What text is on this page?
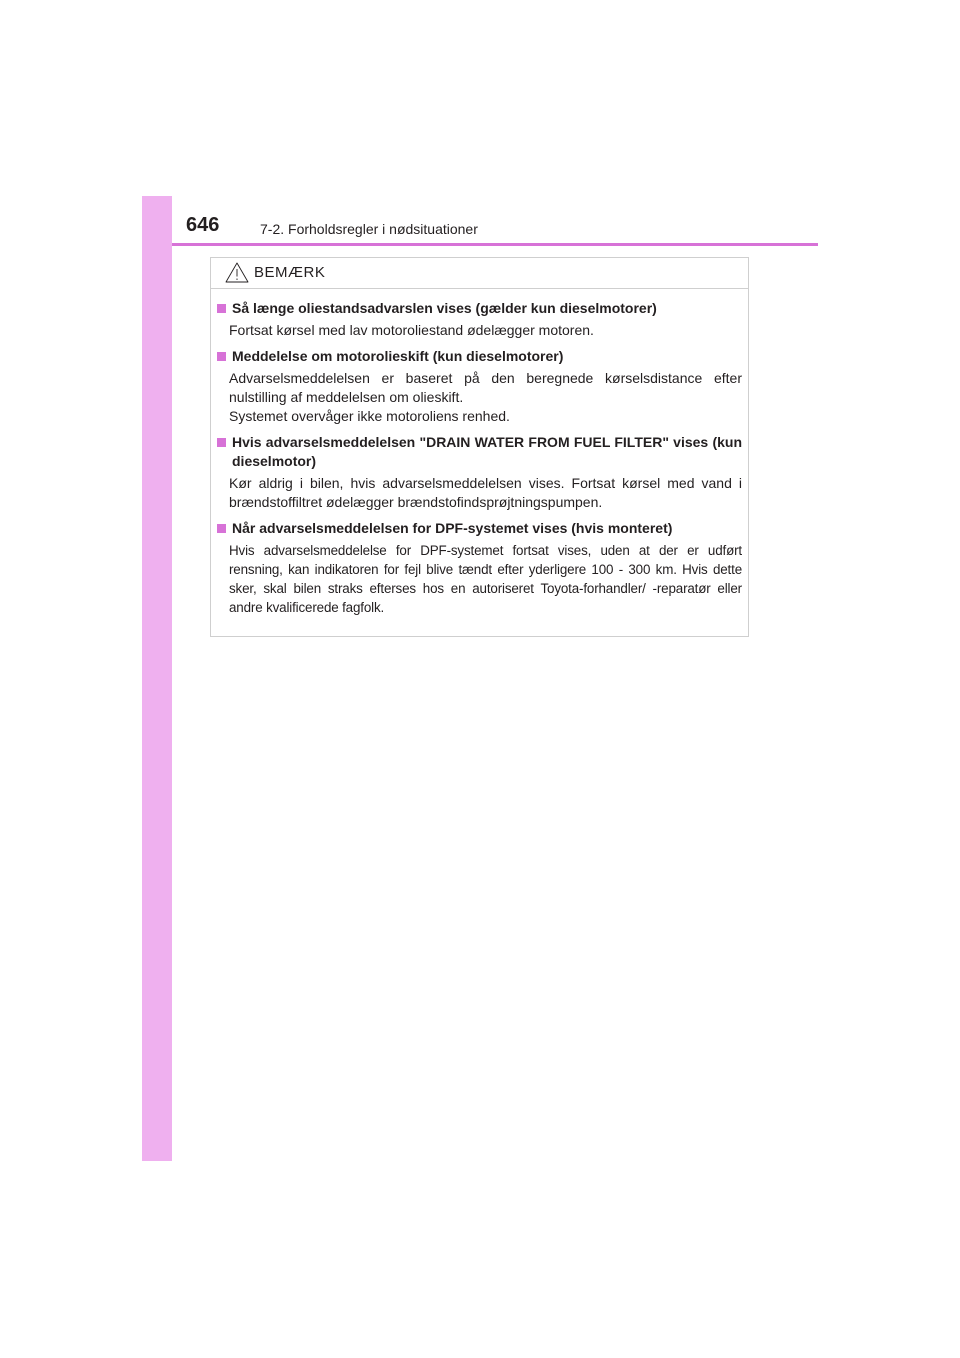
646	7-2. Forholdsregler i nødsituationer
BEMÆRK
Så længe oliestandsadvarslen vises (gælder kun dieselmotorer)
Fortsat kørsel med lav motoroliestand ødelægger motoren.
Meddelelse om motorolieskift (kun dieselmotorer)
Advarselsmeddelelsen er baseret på den beregnede kørselsdistance efter nulstilling af meddelelsen om olieskift.
Systemet overvåger ikke motoroliens renhed.
Hvis advarselsmeddelelsen "DRAIN WATER FROM FUEL FILTER" vises (kun dieselmotor)
Kør aldrig i bilen, hvis advarselsmeddelelsen vises. Fortsat kørsel med vand i brændstoffiltret ødelægger brændstofindsprøjtningspumpen.
Når advarselsmeddelelsen for DPF-systemet vises (hvis monteret)
Hvis advarselsmeddelelse for DPF-systemet fortsat vises, uden at der er udført rensning, kan indikatoren for fejl blive tændt efter yderligere 100 - 300 km. Hvis dette sker, skal bilen straks efterses hos en autoriseret Toyota-forhandler/ -reparatør eller andre kvalificerede fagfolk.
